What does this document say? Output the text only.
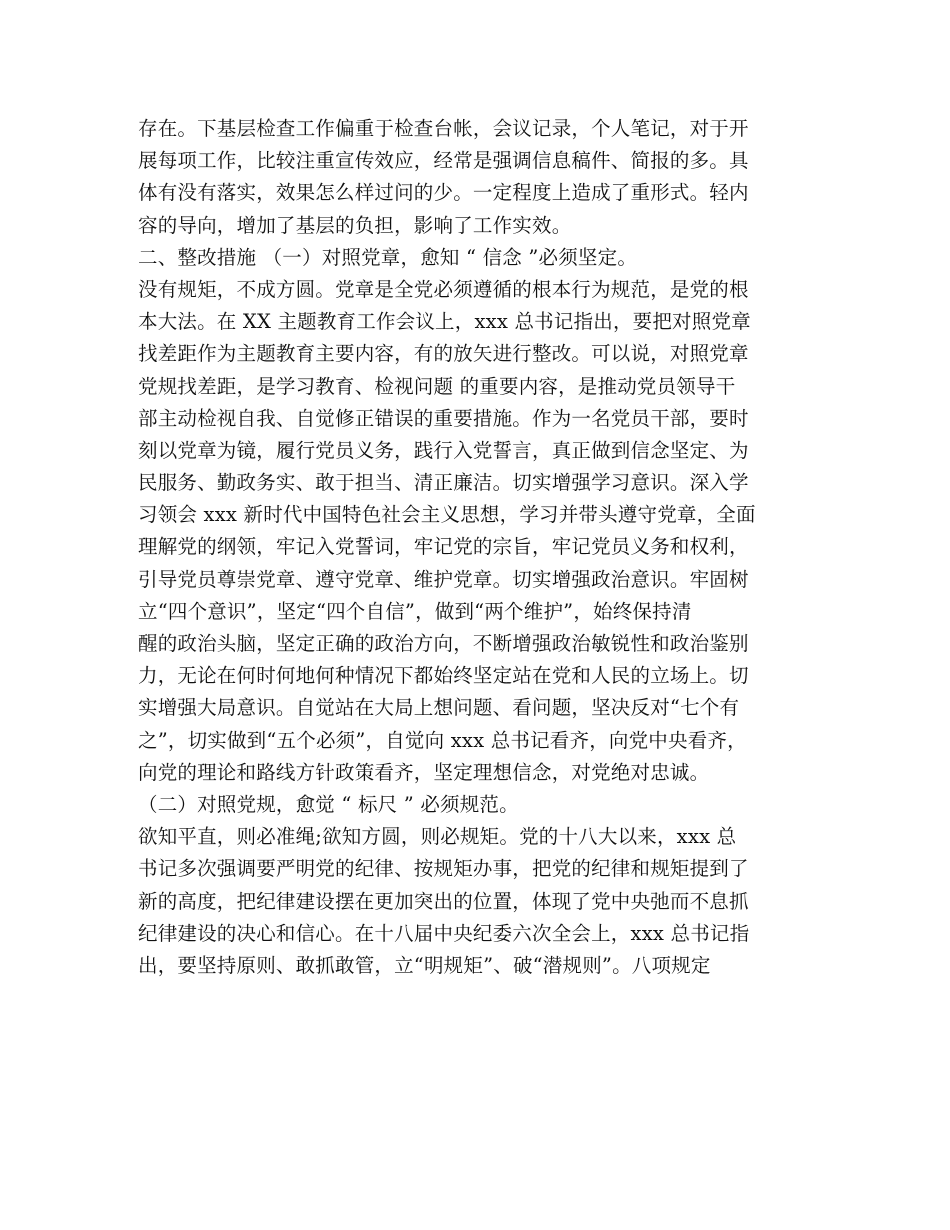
存在。下基层检查工作偏重于检查台帐，会议记录，个人笔记，对于开
展每项工作，比较注重宣传效应，经常是强调信息稿件、简报的多。具
体有没有落实，效果怎么样过问的少。一定程度上造成了重形式。轻内
容的导向，增加了基层的负担，影响了工作实效。
二、整改措施 （一）对照党章，愈知 “ 信念 ”必须坚定。
没有规矩，不成方圆。党章是全党必须遵循的根本行为规范，是党的根
本大法。在 XX 主题教育工作会议上，xxx 总书记指出，要把对照党章
找差距作为主题教育主要内容，有的放矢进行整改。可以说，对照党章
党规找差距，是学习教育、检视问题 的重要内容，是推动党员领导干
部主动检视自我、自觉修正错误的重要措施。作为一名党员干部，要时
刻以党章为镜，履行党员义务，践行入党誓言，真正做到信念坚定、为
民服务、勤政务实、敢于担当、清正廉洁。切实增强学习意识。深入学
习领会 xxx 新时代中国特色社会主义思想，学习并带头遵守党章，全面
理解党的纲领，牢记入党誓词，牢记党的宗旨，牢记党员义务和权利，
引导党员尊崇党章、遵守党章、维护党章。切实增强政治意识。牢固树
立“四个意识”，坚定“四个自信”，做到“两个维护”，始终保持清
醒的政治头脑，坚定正确的政治方向，不断增强政治敏锐性和政治鉴别
力，无论在何时何地何种情况下都始终坚定站在党和人民的立场上。切
实增强大局意识。自觉站在大局上想问题、看问题，坚决反对“七个有
之”，切实做到“五个必须”，自觉向 xxx 总书记看齐，向党中央看齐，
向党的理论和路线方针政策看齐，坚定理想信念，对党绝对忠诚。
（二）对照党规，愈觉 “ 标尺 ” 必须规范。
欲知平直，则必准绳;欲知方圆，则必规矩。党的十八大以来，xxx 总
书记多次强调要严明党的纪律、按规矩办事，把党的纪律和规矩提到了
新的高度，把纪律建设摆在更加突出的位置，体现了党中央弛而不息抓
纪律建设的决心和信心。在十八届中央纪委六次全会上，xxx 总书记指
出，要坚持原则、敢抓敢管，立“明规矩”、破“潜规则”。八项规定
